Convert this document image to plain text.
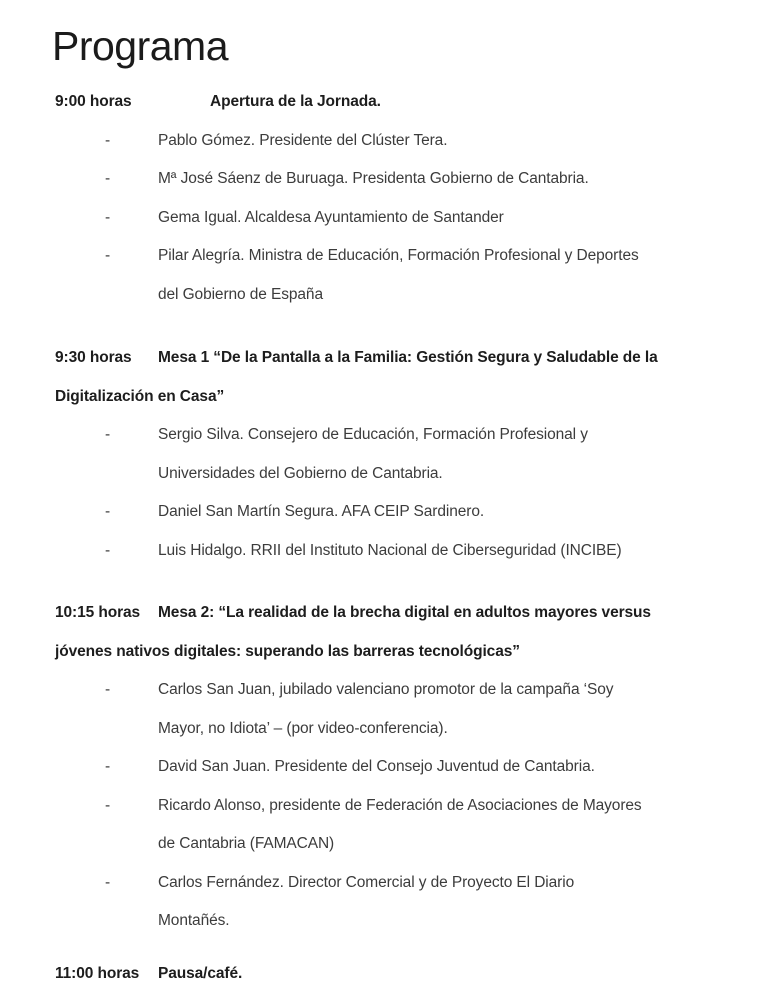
Programa
9:00 horas	Apertura de la Jornada.
-	Pablo Gómez. Presidente del Clúster Tera.
-	Mª José Sáenz de Buruaga. Presidenta Gobierno de Cantabria.
-	Gema Igual. Alcaldesa Ayuntamiento de Santander
-	Pilar Alegría. Ministra de Educación, Formación Profesional y Deportes
del Gobierno de España
9:30 horas	Mesa 1 “De la Pantalla a la Familia: Gestión Segura y Saludable de la
Digitalización en Casa”
-	Sergio Silva. Consejero de Educación, Formación Profesional y
Universidades del Gobierno de Cantabria.
-	Daniel San Martín Segura. AFA CEIP Sardinero.
-	Luis Hidalgo. RRII del Instituto Nacional de Ciberseguridad (INCIBE)
10:15 horas	Mesa 2: “La realidad de la brecha digital en adultos mayores versus
jóvenes nativos digitales: superando las barreras tecnológicas”
-	Carlos San Juan, jubilado valenciano promotor de la campaña ‘Soy
Mayor, no Idiota’ – (por video-conferencia).
-	David San Juan. Presidente del Consejo Juventud de Cantabria.
-	Ricardo Alonso, presidente de Federación de Asociaciones de Mayores
de Cantabria (FAMACAN)
-	Carlos Fernández. Director Comercial y de Proyecto El Diario
Montañés.
11:00 horas	Pausa/café.
